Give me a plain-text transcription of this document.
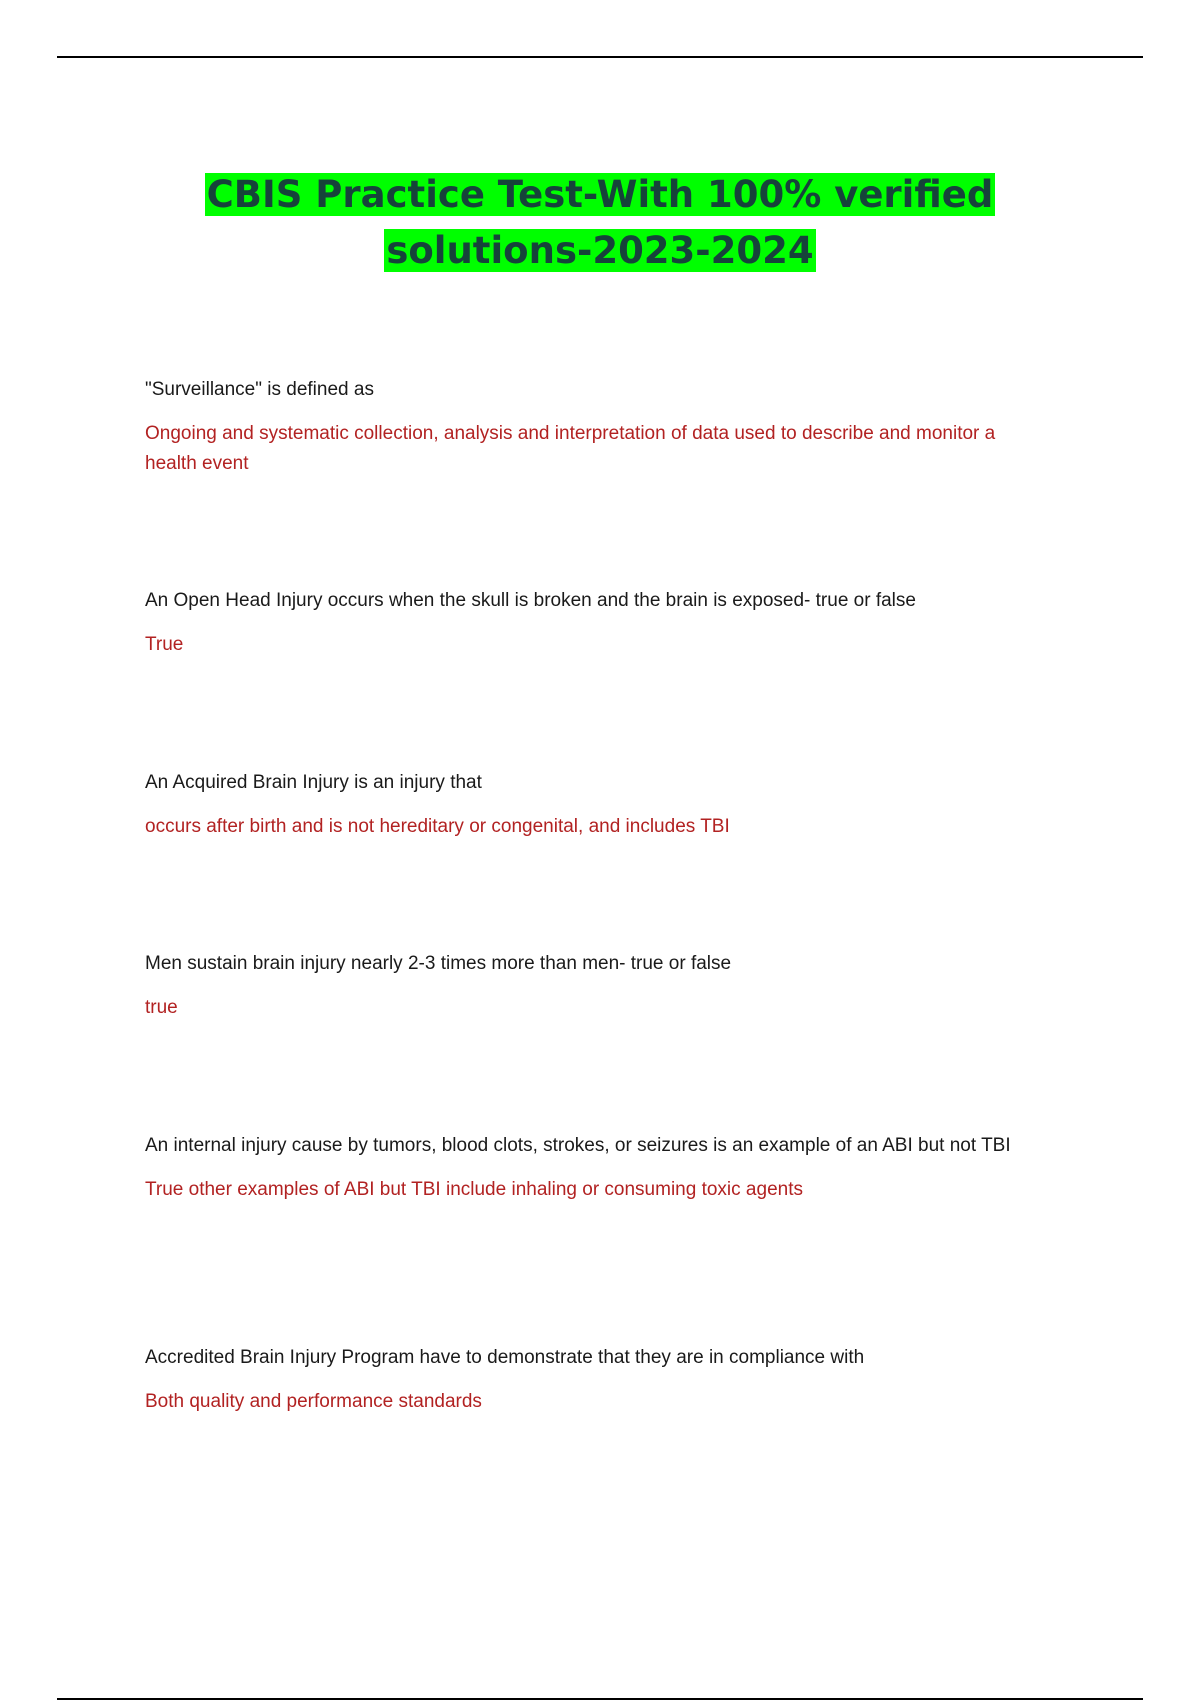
CBIS Practice Test-With 100% verified
solutions-2023-2024

"Surveillance" is defined as

Ongoing and systematic collection, analysis and interpretation of data used to describe and monitor a health event

An Open Head Injury occurs when the skull is broken and the brain is exposed- true or false

True

An Acquired Brain Injury is an injury that

occurs after birth and is not hereditary or congenital, and includes TBI

Men sustain brain injury nearly 2-3 times more than men- true or false

true

An internal injury cause by tumors, blood clots, strokes, or seizures is an example of an ABI but not TBI

True other examples of ABI but TBI include inhaling or consuming toxic agents

Accredited Brain Injury Program have to demonstrate that they are in compliance with

Both quality and performance standards
